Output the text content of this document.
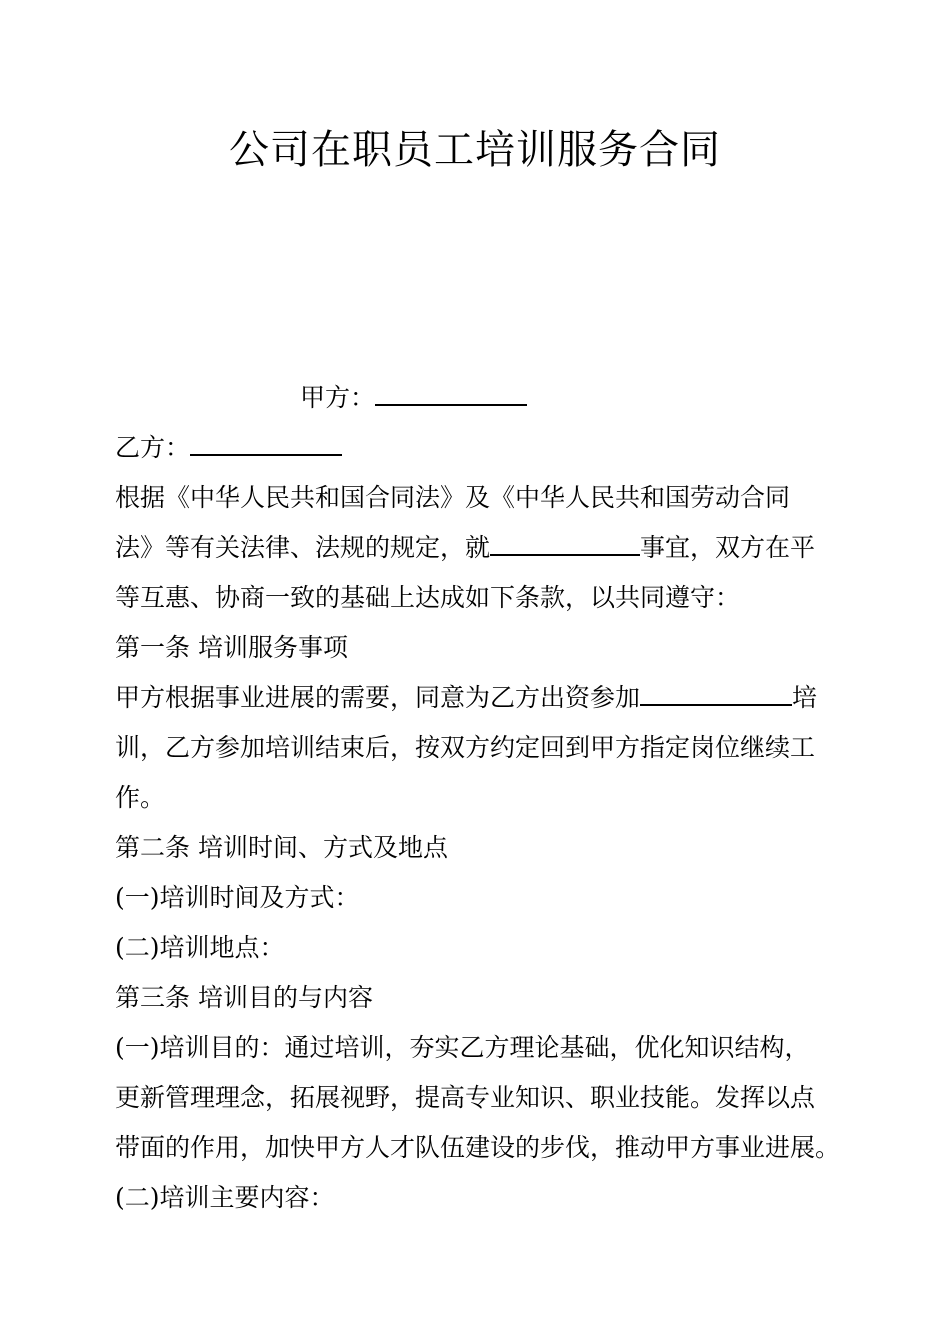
公司在职员工培训服务合同
甲方：
乙方：
根据《中华人民共和国合同法》及《中华人民共和国劳动合同
法》等有关法律、法规的规定，就	事宜，双方在平
等互惠、协商一致的基础上达成如下条款，以共同遵守：
第一条 培训服务事项
甲方根据事业进展的需要，同意为乙方出资参加	培
训，乙方参加培训结束后，按双方约定回到甲方指定岗位继续工
作。
第二条 培训时间、方式及地点
(一)培训时间及方式：
(二)培训地点：
第三条 培训目的与内容
(一)培训目的：通过培训，夯实乙方理论基础，优化知识结构，
更新管理理念，拓展视野，提高专业知识、职业技能。发挥以点
带面的作用，加快甲方人才队伍建设的步伐，推动甲方事业进展。
(二)培训主要内容：
